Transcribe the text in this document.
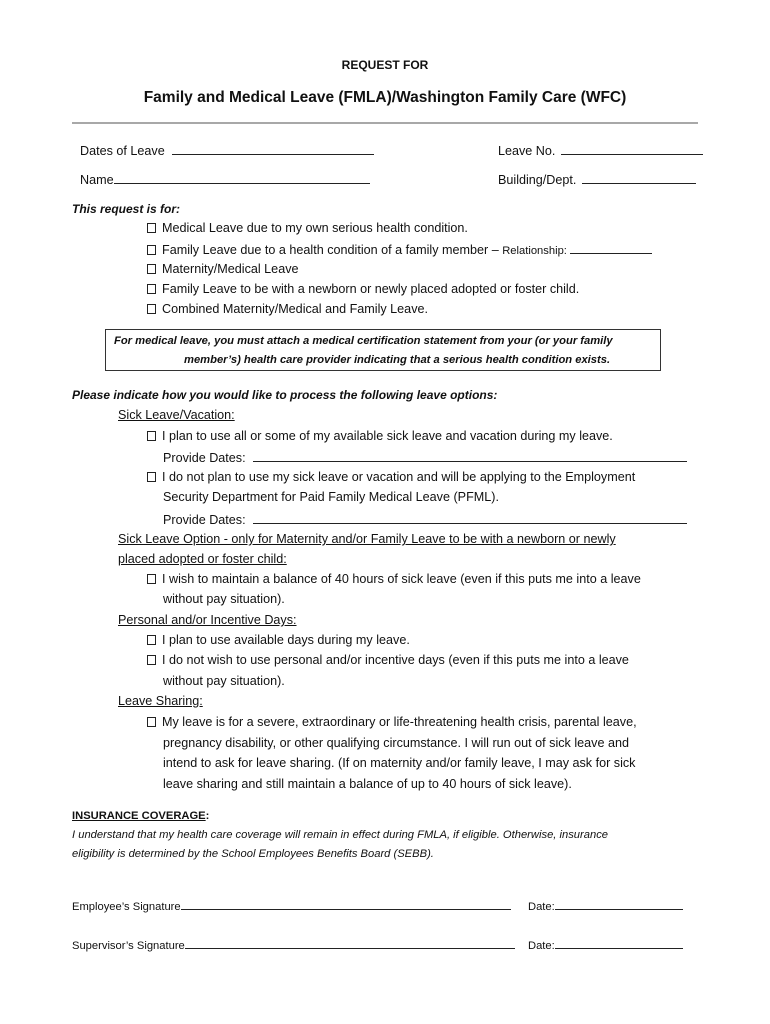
REQUEST FOR
Family and Medical Leave (FMLA)/Washington Family Care (WFC)
Dates of Leave	Leave No.
Name	Building/Dept.
This request is for:
Medical Leave due to my own serious health condition.
Family Leave due to a health condition of a family member – Relationship:
Maternity/Medical Leave
Family Leave to be with a newborn or newly placed adopted or foster child.
Combined Maternity/Medical and Family Leave.
For medical leave, you must attach a medical certification statement from your (or your family
member’s) health care provider indicating that a serious health condition exists.
Please indicate how you would like to process the following leave options:
Sick Leave/Vacation:
I plan to use all or some of my available sick leave and vacation during my leave.
Provide Dates:
I do not plan to use my sick leave or vacation and will be applying to the Employment
Security Department for Paid Family Medical Leave (PFML).
Provide Dates:
Sick Leave Option - only for Maternity and/or Family Leave to be with a newborn or newly
placed adopted or foster child:
I wish to maintain a balance of 40 hours of sick leave (even if this puts me into a leave
without pay situation).
Personal and/or Incentive Days:
I plan to use available days during my leave.
I do not wish to use personal and/or incentive days (even if this puts me into a leave
without pay situation).
Leave Sharing:
My leave is for a severe, extraordinary or life-threatening health crisis, parental leave,
pregnancy disability, or other qualifying circumstance. I will run out of sick leave and
intend to ask for leave sharing. (If on maternity and/or family leave, I may ask for sick
leave sharing and still maintain a balance of up to 40 hours of sick leave).
INSURANCE COVERAGE:
I understand that my health care coverage will remain in effect during FMLA, if eligible. Otherwise, insurance
eligibility is determined by the School Employees Benefits Board (SEBB).
Employee’s Signature	Date:
Supervisor’s Signature	Date:
